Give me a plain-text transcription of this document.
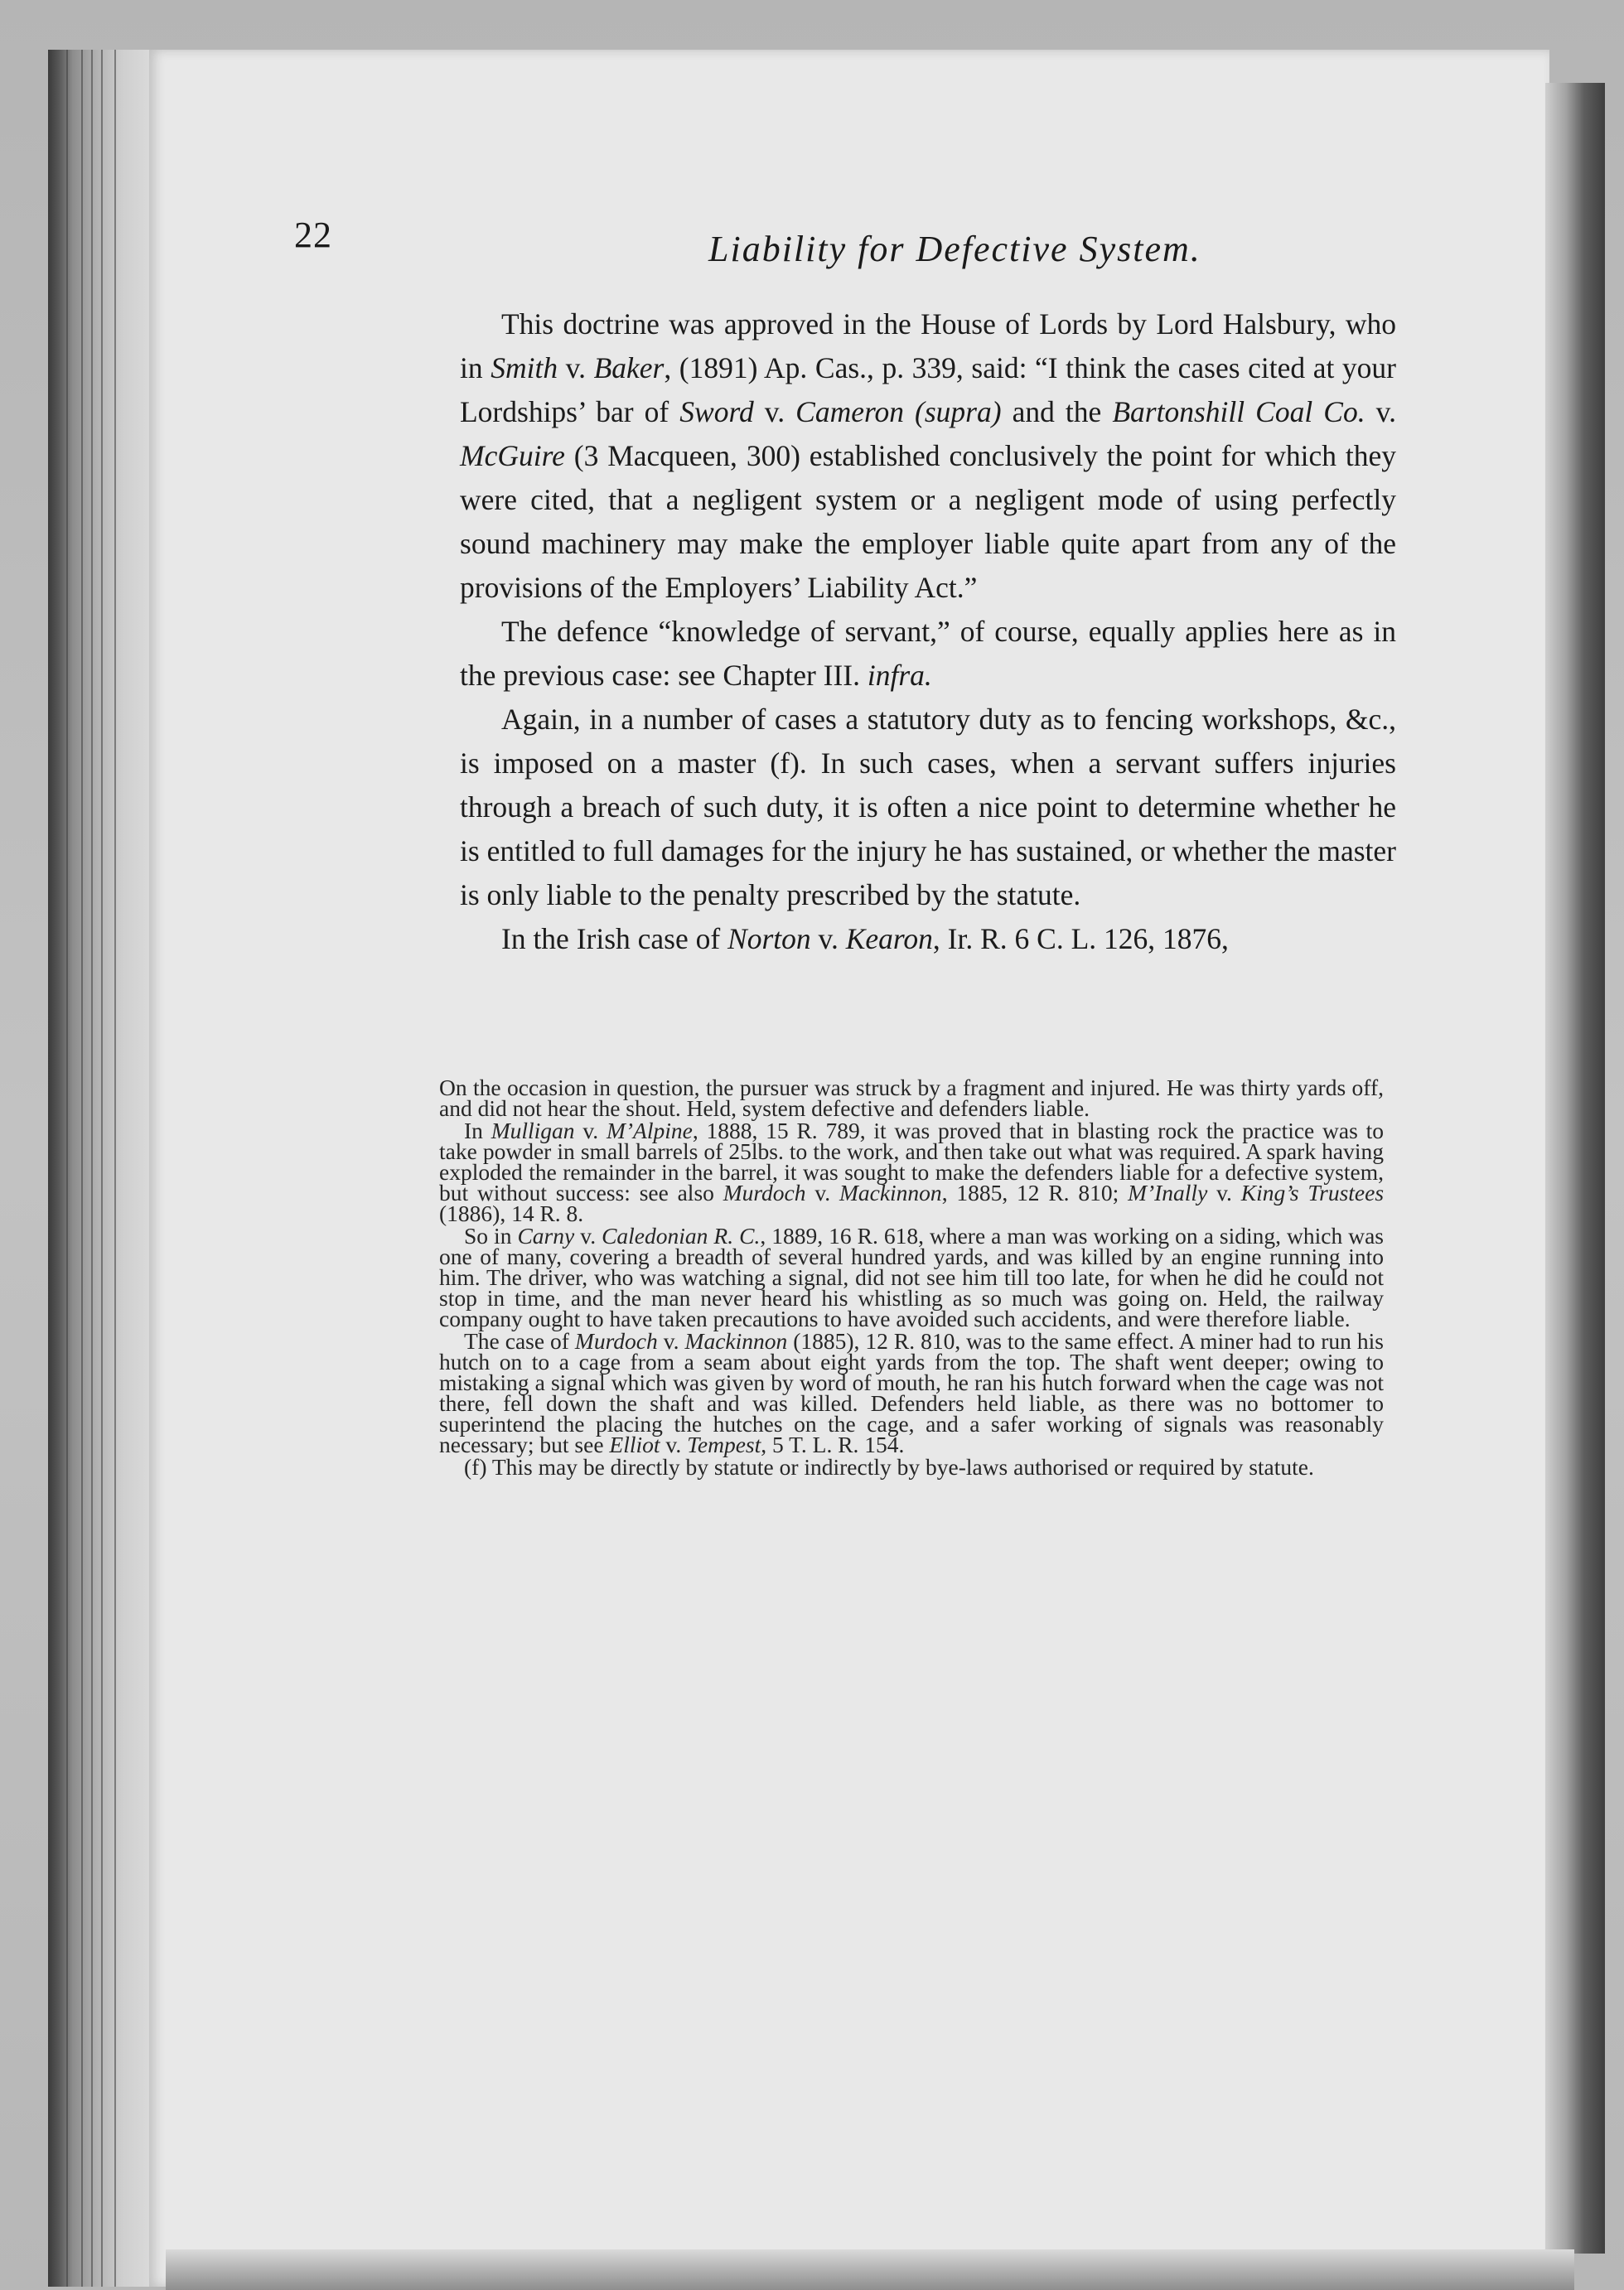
22	Liability for Defective System.

This doctrine was approved in the House of Lords by Lord Halsbury, who in Smith v. Baker, (1891) Ap. Cas., p. 339, said: “I think the cases cited at your Lordships’ bar of Sword v. Cameron (supra) and the Bartonshill Coal Co. v. McGuire (3 Macqueen, 300) established conclusively the point for which they were cited, that a negligent system or a negligent mode of using perfectly sound machinery may make the employer liable quite apart from any of the provisions of the Employers’ Liability Act.”

The defence “knowledge of servant,” of course, equally applies here as in the previous case: see Chapter III. infra.

Again, in a number of cases a statutory duty as to fencing workshops, &c., is imposed on a master (f). In such cases, when a servant suffers injuries through a breach of such duty, it is often a nice point to determine whether he is entitled to full damages for the injury he has sustained, or whether the master is only liable to the penalty prescribed by the statute.

In the Irish case of Norton v. Kearon, Ir. R. 6 C. L. 126, 1876,

On the occasion in question, the pursuer was struck by a fragment and injured. He was thirty yards off, and did not hear the shout. Held, system defective and defenders liable.

In Mulligan v. M’Alpine, 1888, 15 R. 789, it was proved that in blasting rock the practice was to take powder in small barrels of 25lbs. to the work, and then take out what was required. A spark having exploded the remainder in the barrel, it was sought to make the defenders liable for a defective system, but without success: see also Murdoch v. Mackinnon, 1885, 12 R. 810; M’Inally v. King’s Trustees (1886), 14 R. 8.

So in Carny v. Caledonian R. C., 1889, 16 R. 618, where a man was working on a siding, which was one of many, covering a breadth of several hundred yards, and was killed by an engine running into him. The driver, who was watching a signal, did not see him till too late, for when he did he could not stop in time, and the man never heard his whistling as so much was going on. Held, the railway company ought to have taken precautions to have avoided such accidents, and were therefore liable.

The case of Murdoch v. Mackinnon (1885), 12 R. 810, was to the same effect. A miner had to run his hutch on to a cage from a seam about eight yards from the top. The shaft went deeper; owing to mistaking a signal which was given by word of mouth, he ran his hutch forward when the cage was not there, fell down the shaft and was killed. Defenders held liable, as there was no bottomer to superintend the placing the hutches on the cage, and a safer working of signals was reasonably necessary; but see Elliot v. Tempest, 5 T. L. R. 154.

(f) This may be directly by statute or indirectly by bye-laws authorised or required by statute.
